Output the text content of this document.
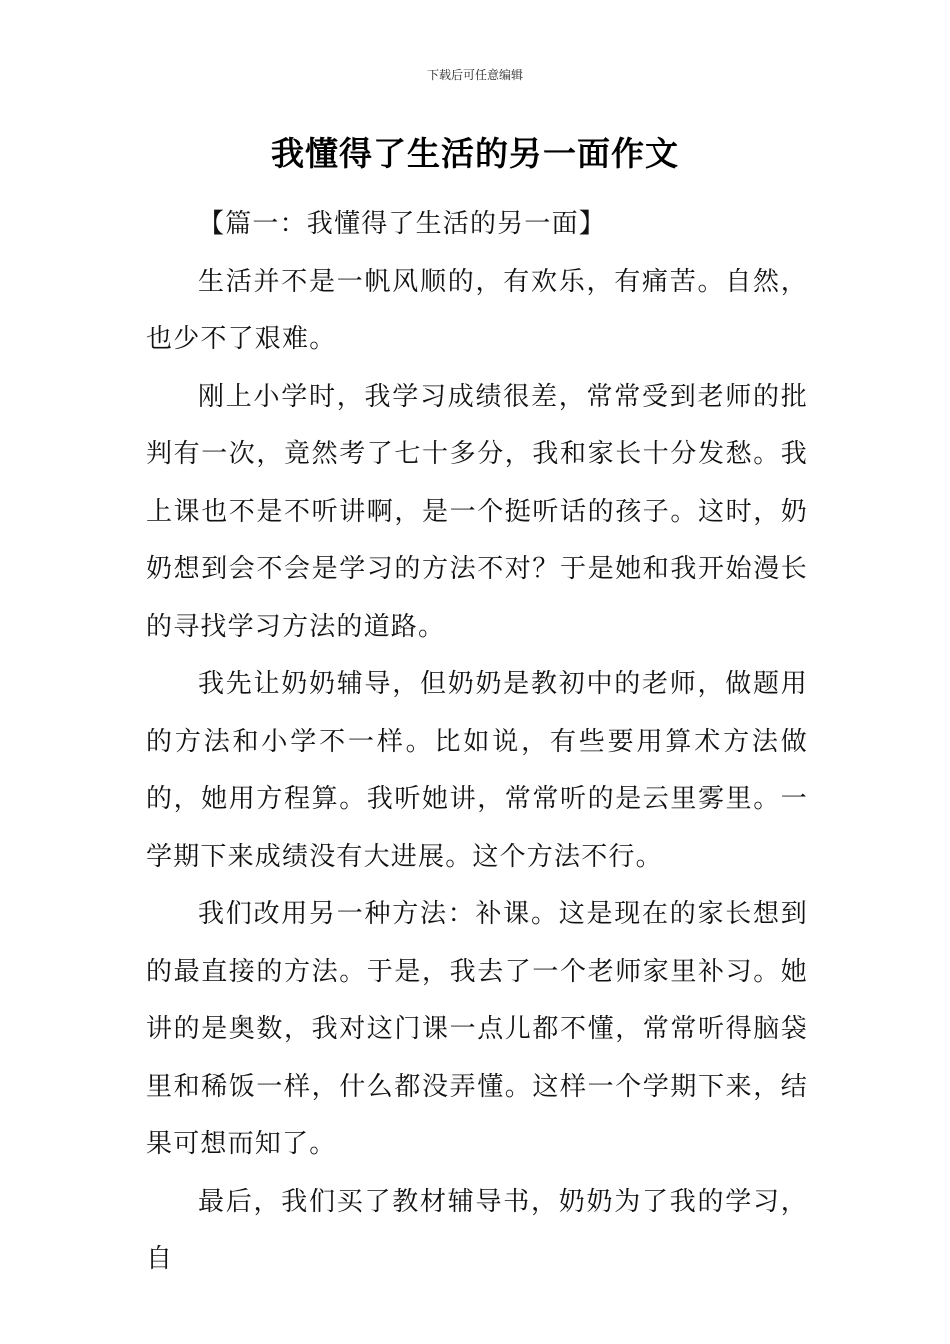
下载后可任意编辑
我懂得了生活的另一面作文

【篇一：我懂得了生活的另一面】

生活并不是一帆风顺的，有欢乐，有痛苦。自然，也少不了艰难。

刚上小学时，我学习成绩很差，常常受到老师的批判有一次，竟然考了七十多分，我和家长十分发愁。我上课也不是不听讲啊，是一个挺听话的孩子。这时，奶奶想到会不会是学习的方法不对？于是她和我开始漫长的寻找学习方法的道路。

我先让奶奶辅导，但奶奶是教初中的老师，做题用的方法和小学不一样。比如说，有些要用算术方法做的，她用方程算。我听她讲，常常听的是云里雾里。一学期下来成绩没有大进展。这个方法不行。

我们改用另一种方法：补课。这是现在的家长想到的最直接的方法。于是，我去了一个老师家里补习。她讲的是奥数，我对这门课一点儿都不懂，常常听得脑袋里和稀饭一样，什么都没弄懂。这样一个学期下来，结果可想而知了。

最后，我们买了教材辅导书，奶奶为了我的学习，自
